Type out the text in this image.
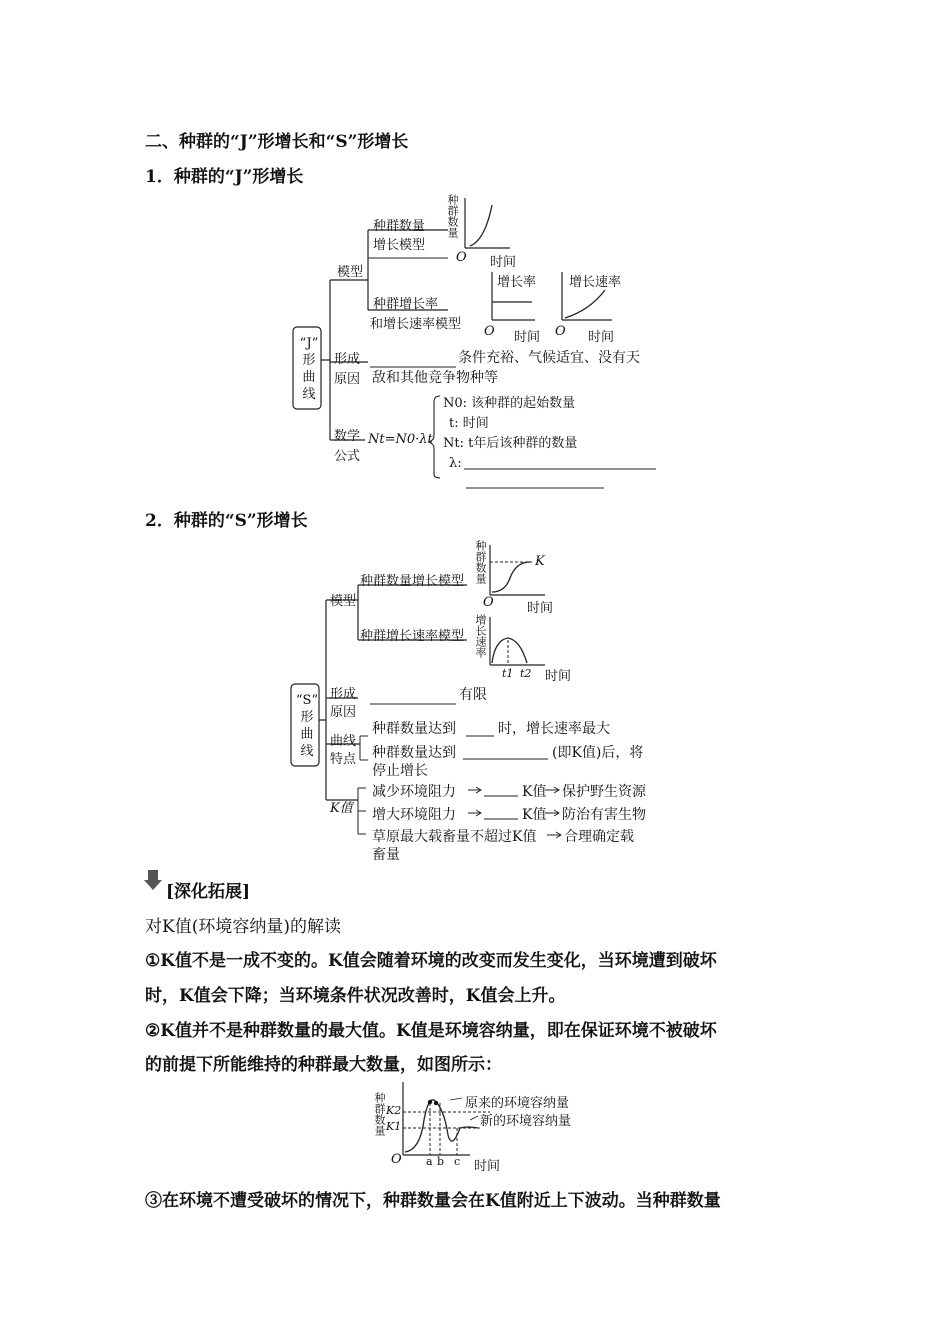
二、种群的“J”形增长和“S”形增长
1．种群的“J”形增长
“J”
形
曲
线
模型
种群数量
增长模型
种群数量
O 时间
种群增长率
和增长速率模型
增长率
O 时间
增长速率
O 时间
形成
原因
条件充裕、气候适宜、没有天
敌和其他竞争物种等
数学
公式
Nt=N0·λt
N0: 该种群的起始数量
t: 时间
Nt: t年后该种群的数量
λ:
2．种群的“S”形增长
“S”
形
曲
线
模型
种群数量增长模型
种群增长速率模型
种群数量	K
O	时间
增长速率
t1 t2 时间
形成
原因
有限
曲线
特点
种群数量达到	时，增长速率最大
种群数量达到	(即K值)后，将
停止增长
K值
减少环境阻力	K值 保护野生资源
增大环境阻力	K值 防治有害生物
草原最大载畜量不超过K值 合理确定载
畜量
[深化拓展]
对K值(环境容纳量)的解读
①K值不是一成不变的。K值会随着环境的改变而发生变化，当环境遭到破坏
时，K值会下降；当环境条件状况改善时，K值会上升。
②K值并不是种群数量的最大值。K值是环境容纳量，即在保证环境不被破坏
的前提下所能维持的种群最大数量，如图所示：
种群数量 K2
K1
O a b c 时间
原来的环境容纳量
新的环境容纳量
③在环境不遭受破坏的情况下，种群数量会在K值附近上下波动。当种群数量
